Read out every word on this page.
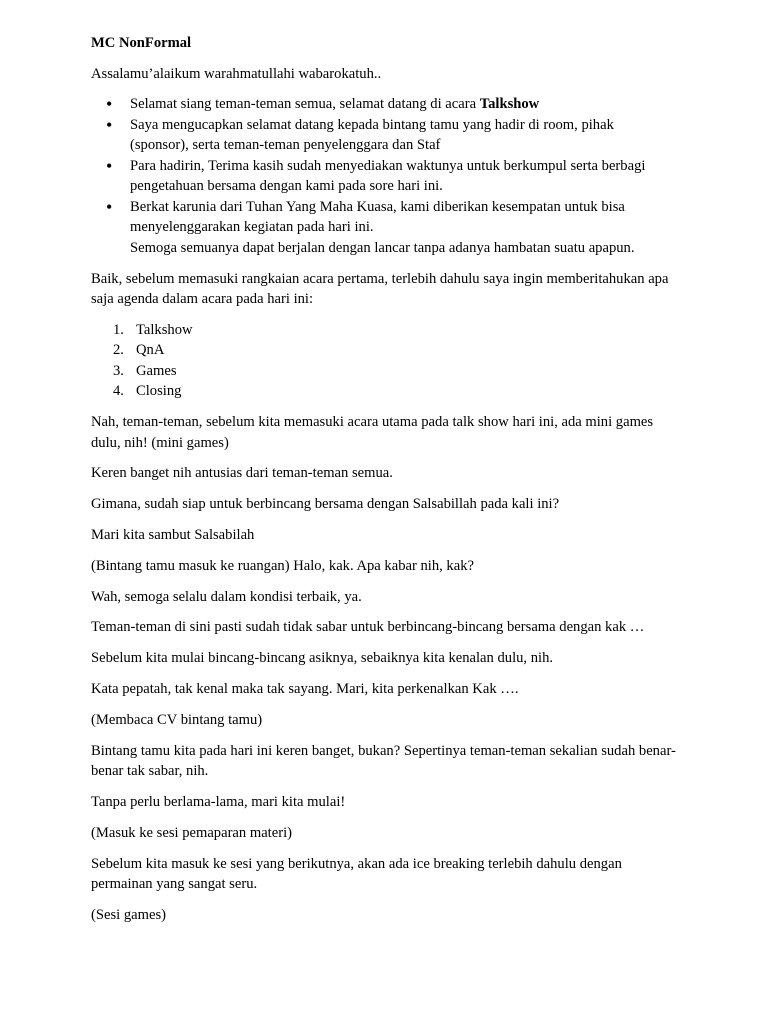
MC NonFormal

Assalamu’alaikum warahmatullahi wabarokatuh..

• Selamat siang teman-teman semua, selamat datang di acara Talkshow
• Saya mengucapkan selamat datang kepada bintang tamu yang hadir di room, pihak (sponsor), serta teman-teman penyelenggara dan Staf
• Para hadirin, Terima kasih sudah menyediakan waktunya untuk berkumpul serta berbagi pengetahuan bersama dengan kami pada sore hari ini.
• Berkat karunia dari Tuhan Yang Maha Kuasa, kami diberikan kesempatan untuk bisa menyelenggarakan kegiatan pada hari ini.
Semoga semuanya dapat berjalan dengan lancar tanpa adanya hambatan suatu apapun.

Baik, sebelum memasuki rangkaian acara pertama, terlebih dahulu saya ingin memberitahukan apa saja agenda dalam acara pada hari ini:

1. Talkshow
2. QnA
3. Games
4. Closing

Nah, teman-teman, sebelum kita memasuki acara utama pada talk show hari ini, ada mini games dulu, nih! (mini games)

Keren banget nih antusias dari teman-teman semua.

Gimana, sudah siap untuk berbincang bersama dengan Salsabillah pada kali ini?

Mari kita sambut Salsabilah

(Bintang tamu masuk ke ruangan) Halo, kak. Apa kabar nih, kak?

Wah, semoga selalu dalam kondisi terbaik, ya.

Teman-teman di sini pasti sudah tidak sabar untuk berbincang-bincang bersama dengan kak …

Sebelum kita mulai bincang-bincang asiknya, sebaiknya kita kenalan dulu, nih.

Kata pepatah, tak kenal maka tak sayang. Mari, kita perkenalkan Kak ….

(Membaca CV bintang tamu)

Bintang tamu kita pada hari ini keren banget, bukan? Sepertinya teman-teman sekalian sudah benar-benar tak sabar, nih.

Tanpa perlu berlama-lama, mari kita mulai!

(Masuk ke sesi pemaparan materi)

Sebelum kita masuk ke sesi yang berikutnya, akan ada ice breaking terlebih dahulu dengan permainan yang sangat seru.

(Sesi games)
